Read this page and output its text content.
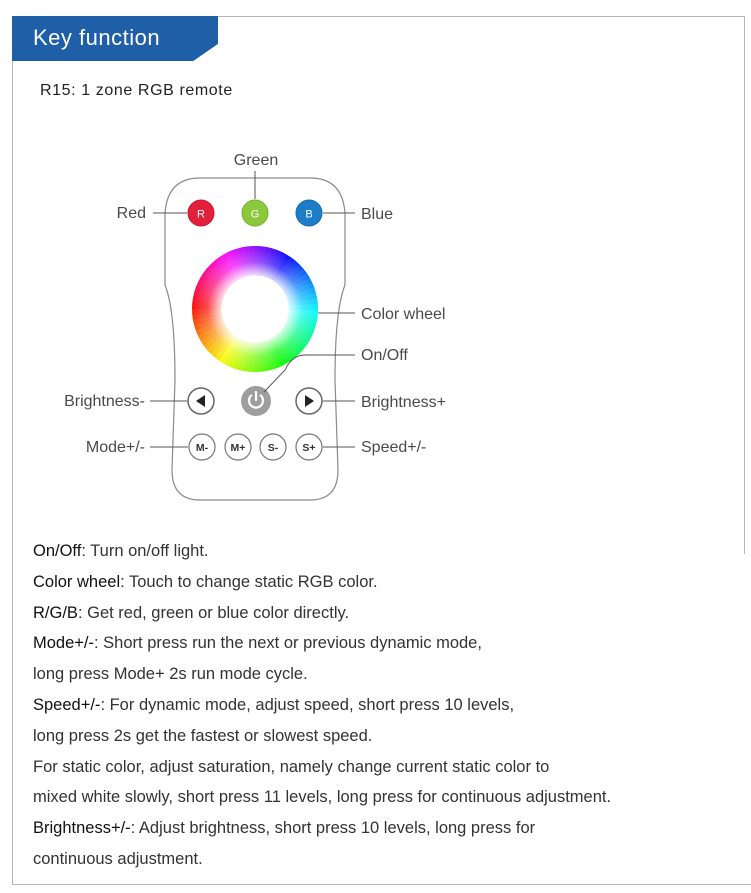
Key function
R15: 1 zone RGB remote
R	G	B
M- M+ S- S+
Green
Red	Blue
Color wheel
On/Off
Brightness-	Brightness+
Mode+/-	Speed+/-
On/Off: Turn on/off light.
Color wheel: Touch to change static RGB color.
R/G/B: Get red, green or blue color directly.
Mode+/-: Short press run the next or previous dynamic mode,
long press Mode+ 2s run mode cycle.
Speed+/-: For dynamic mode, adjust speed, short press 10 levels,
long press 2s get the fastest or slowest speed.
For static color, adjust saturation, namely change current static color to
mixed white slowly, short press 11 levels, long press for continuous adjustment.
Brightness+/-: Adjust brightness, short press 10 levels, long press for
continuous adjustment.
